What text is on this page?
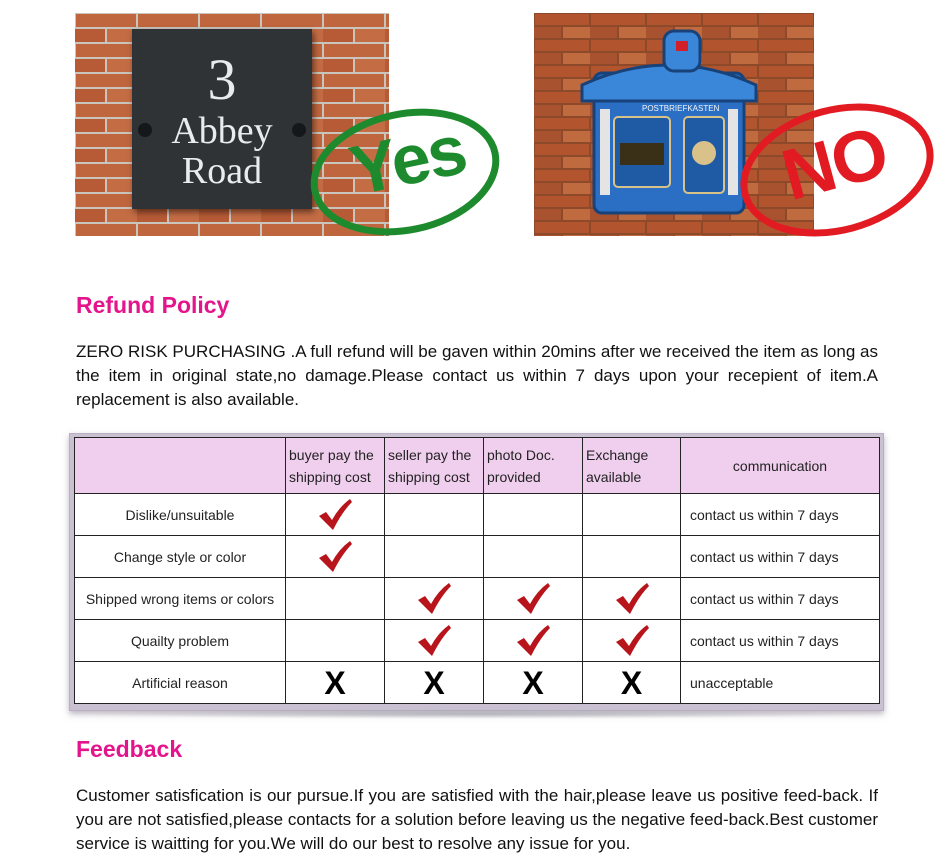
3
Abbey
Road	Yes
POSTBRIEFKASTEN
NO
Refund Policy

ZERO RISK PURCHASING .A full refund will be gaven within 20mins after we received the item as long as the item in original state,no damage.Please contact us within 7 days upon your recepient of item.A replacement is also available.

	buyer pay the shipping cost	seller pay the shipping cost	photo Doc. provided	Exchange available	communication
Dislike/unsuitable					contact us within 7 days
Change style or color					contact us within 7 days
Shipped wrong items or colors					contact us within 7 days
Quailty problem					contact us within 7 days
Artificial reason	X	X	X	X	unacceptable
Feedback

Customer satisfication is our pursue.If you are satisfied with the hair,please leave us positive feed-back. If you are not satisfied,please contacts for a solution before leaving us the negative feed-back.Best customer service is waitting for you.We will do our best to resolve any issue for you.
